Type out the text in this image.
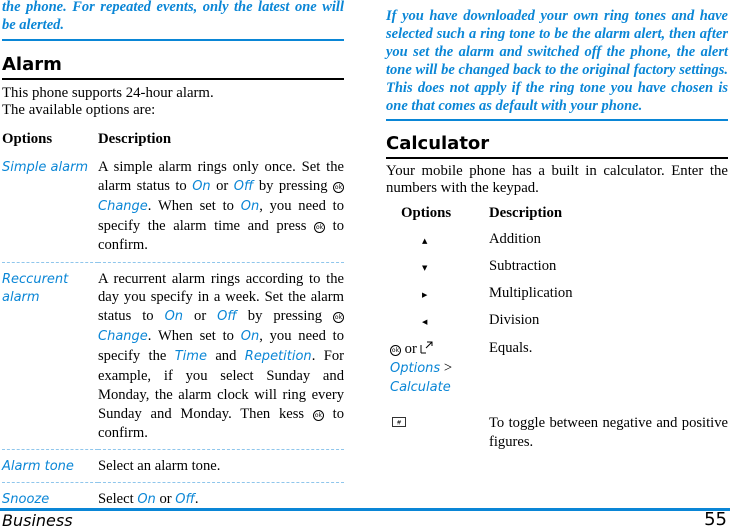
the phone. For repeated events, only the latest one will be alerted.

Alarm

This phone supports 24-hour alarm.

The available options are:

Options	Description
Simple alarm	A simple alarm rings only once. Set the alarm status to On or Off by pressing ok Change. When set to On, you need to specify the alarm time and press ok to confirm.
Reccurent alarm	A recurrent alarm rings according to the day you specify in a week. Set the alarm status to On or Off by pressing ok Change. When set to On, you need to specify the Time and Repetition. For example, if you select Sunday and Monday, the alarm clock will ring every Sunday and Monday. Then kess ok to confirm.
Alarm tone	Select an alarm tone.
Snooze	Select On or Off.

If you have downloaded your own ring tones and have selected such a ring tone to be the alarm alert, then after you set the alarm and switched off the phone, the alert tone will be changed back to the original factory settings. This does not apply if the ring tone you have chosen is one that comes as default with your phone.

Calculator

Your mobile phone has a built in calculator. Enter the numbers with the keypad.

Options	Description
▲	Addition
▼	Subtraction
▶	Multiplication
◀	Division
ok or
Options >
Calculate	Equals.

#	To toggle between negative and positive figures.
Business	55
